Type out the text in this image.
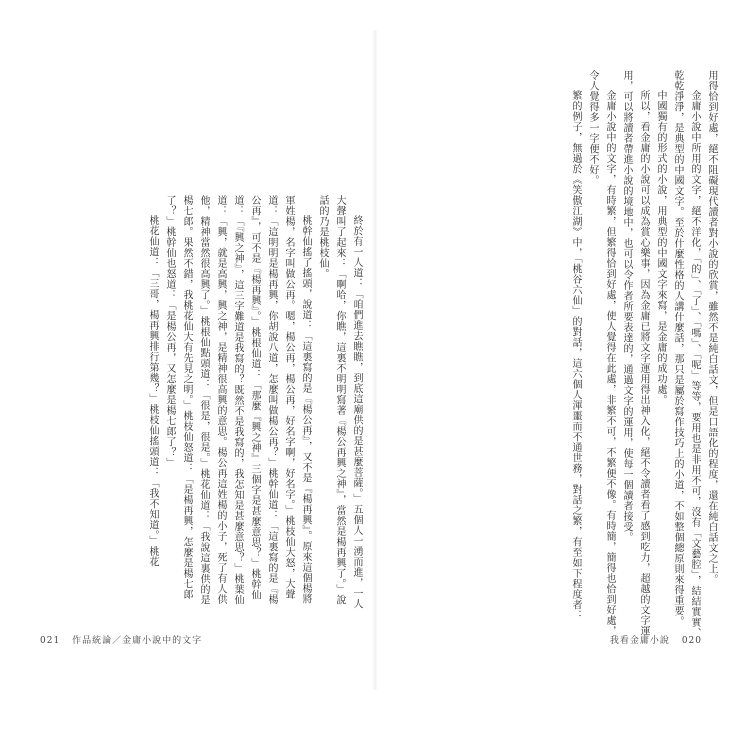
終於有一人道：「咱們進去瞧瞧，到底這廟供的是甚麼菩薩。」五個人一湧而進，一人大聲叫了起來：「啊哈，你瞧，這裏不明明寫著『楊公再興之神』，當然是楊再興了。」說話的乃是桃枝仙。

桃幹仙搖了搖頭，說道：「這裏寫的是『楊公再』，又不是『楊再興』。原來這個楊將軍姓楊，名字叫做公再。嗯，楊公再，楊公再，好名字啊，好名字。」桃枝仙大怒，大聲道：「這明明是楊再興，你胡說八道，怎麼叫做楊公再？」桃幹仙道：「這裏寫的是『楊公再』，可不是『楊再興』。」桃根仙道：「那麼『興之神』三個字是甚麼意思？」桃幹仙道：「『興之神』，這三字難道是我寫的？既然不是我寫的，我怎知是甚麼意思？」桃葉仙道：「興，就是高興，興之神，是精神很高興的意思。楊公再這姓楊的小子，死了有人供他，精神當然很高興了。」桃根仙點頭道：「很是，很是。」桃花仙道：「我說這裏供的是楊七郎。果然不錯，我桃花仙大有先見之明。」桃枝仙怒道：「是楊再興，怎麼是楊七郎了？」桃幹仙也怒道：「是楊公再，又怎麼是楊七郎了？」

桃花仙道：「三哥，楊再興排行第幾？」桃枝仙搖頭道：「我不知道。」桃花

021 作品統論／金庸小說中的文字

用得恰到好處，絕不阻礙現代讀者對小說的欣賞，雖然不是純白話文，但是口語化的程度，還在純白話文之上。

金庸小說中所用的文字，絕不洋化，「的」、「了」、「嗎」、「呢」等等，要用也是非用不可，沒有「文藝腔」，結結實實、乾乾淨淨，是典型的中國文字。至於什麼性格的人講什麼話，那只是屬於寫作技巧上的小道，不如整個總原則來得重要。

中國獨有的形式的小說，用典型的中國文字來寫，是金庸的成功處。

所以，看金庸的小說可以成為賞心樂事，因為金庸已將文字運用得出神入化，絕不令讀者看了感到吃力，超越的文字運用，可以將讀者帶進小說的境地中，也可以令作者所要表達的，通過文字的運用，使每一個讀者接受。

金庸小說中的文字，有時繁，但繁得恰到好處，使人覺得在此處，非繁不可，不繁便不像。有時簡，簡得也恰到好處，令人覺得多一字便不好。

繁的例子，無過於《笑傲江湖》中，「桃谷六仙」的對話，這六個人渾噩而不通世務，對話之繁，有至如下程度者：

我看金庸小說 020
